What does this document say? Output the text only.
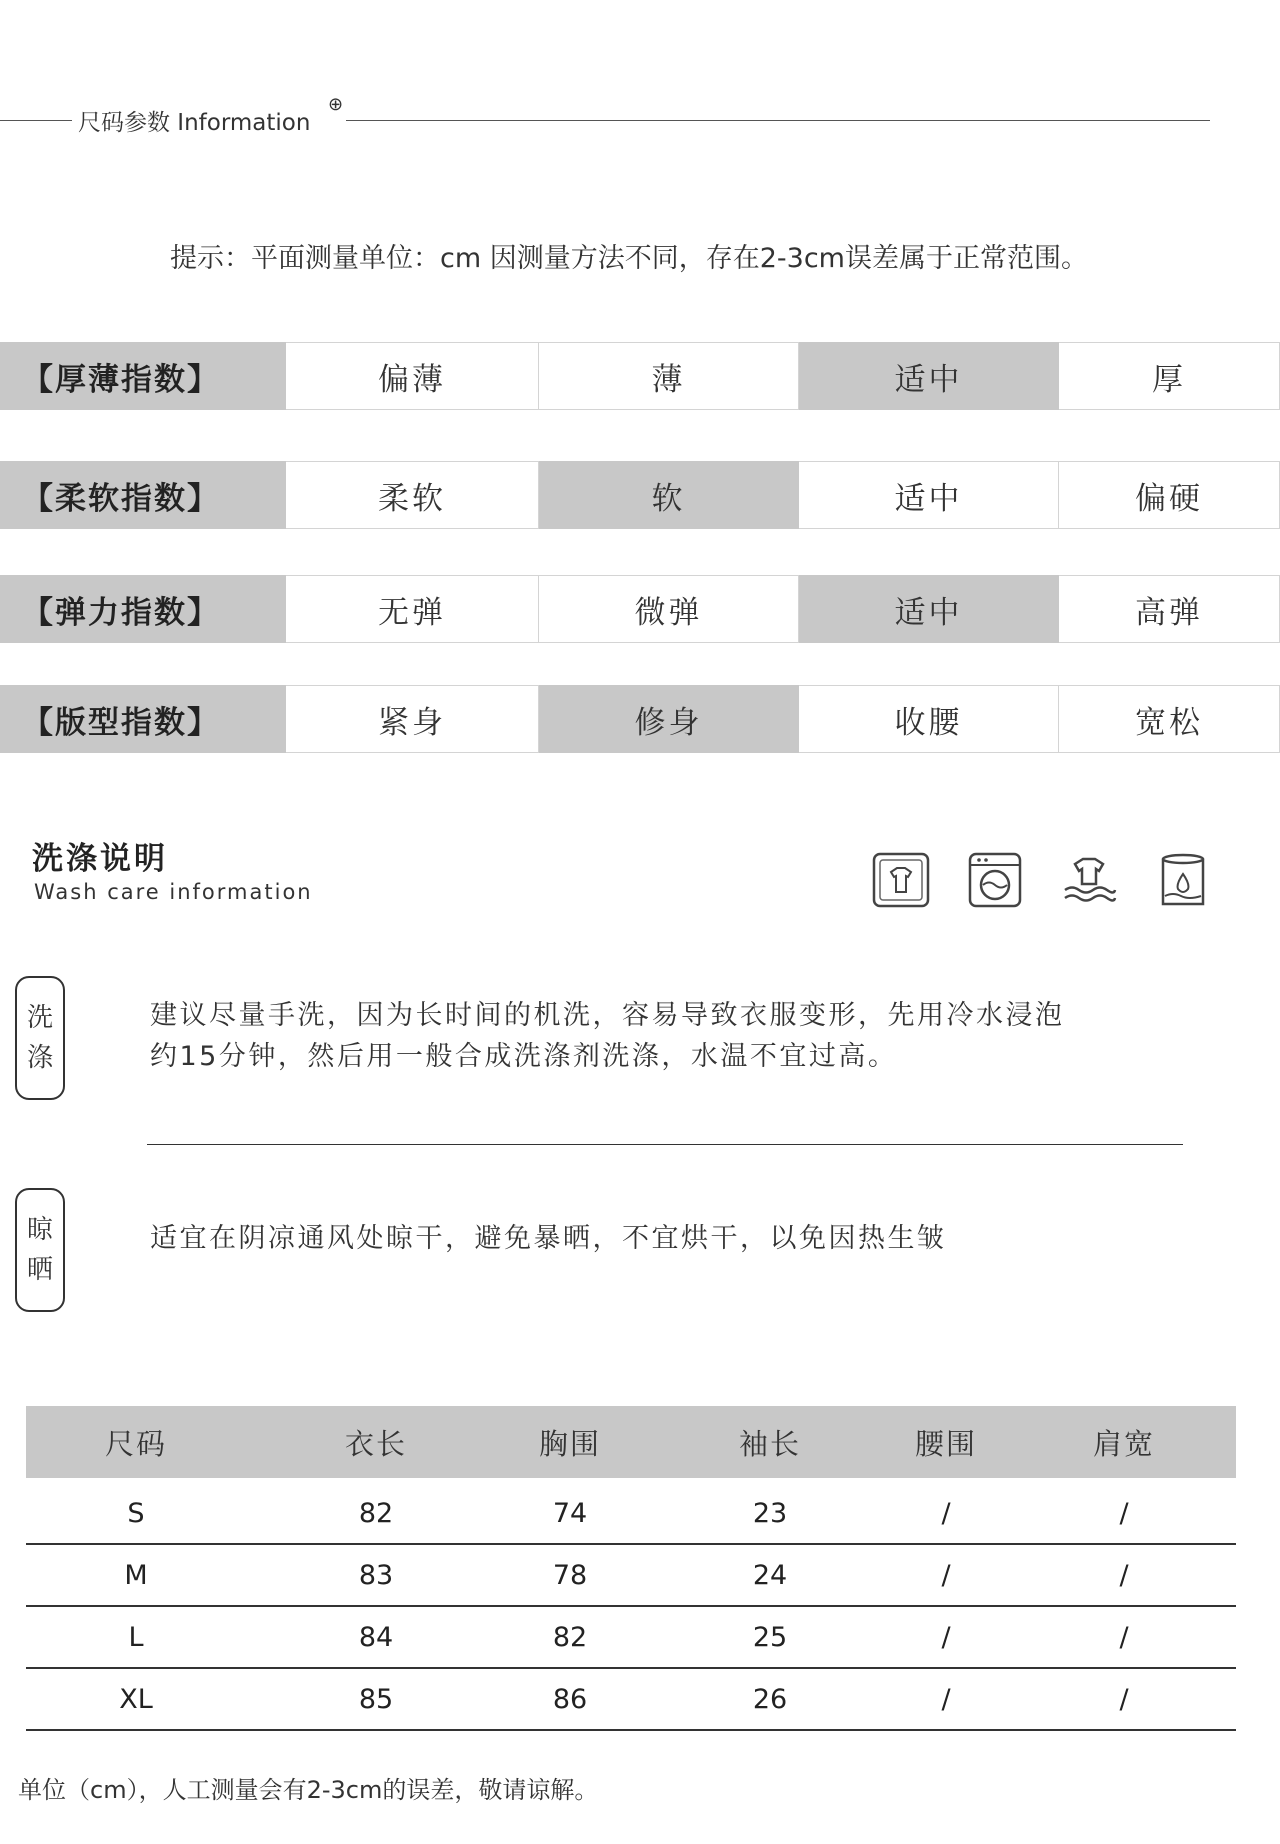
尺码参数 Information
⊕
提示：平面测量单位：cm 因测量方法不同，存在2-3cm误差属于正常范围。
【厚薄指数】	偏薄	薄	适中	厚
【柔软指数】	柔软	软	适中	偏硬
【弹力指数】	无弹	微弹	适中	高弹
【版型指数】	紧身	修身	收腰	宽松
洗涤说明
Wash care information
洗
涤
建议尽量手洗，因为长时间的机洗，容易导致衣服变形，先用冷水浸泡
约15分钟，然后用一般合成洗涤剂洗涤，水温不宜过高。
晾
晒
适宜在阴凉通风处晾干，避免暴晒，不宜烘干，以免因热生皱
尺码	衣长	胸围	袖长	腰围	肩宽
S	82	74	23	/	/
M	83	78	24	/	/
L	84	82	25	/	/
XL	85	86	26	/	/
单位（cm），人工测量会有2-3cm的误差，敬请谅解。
